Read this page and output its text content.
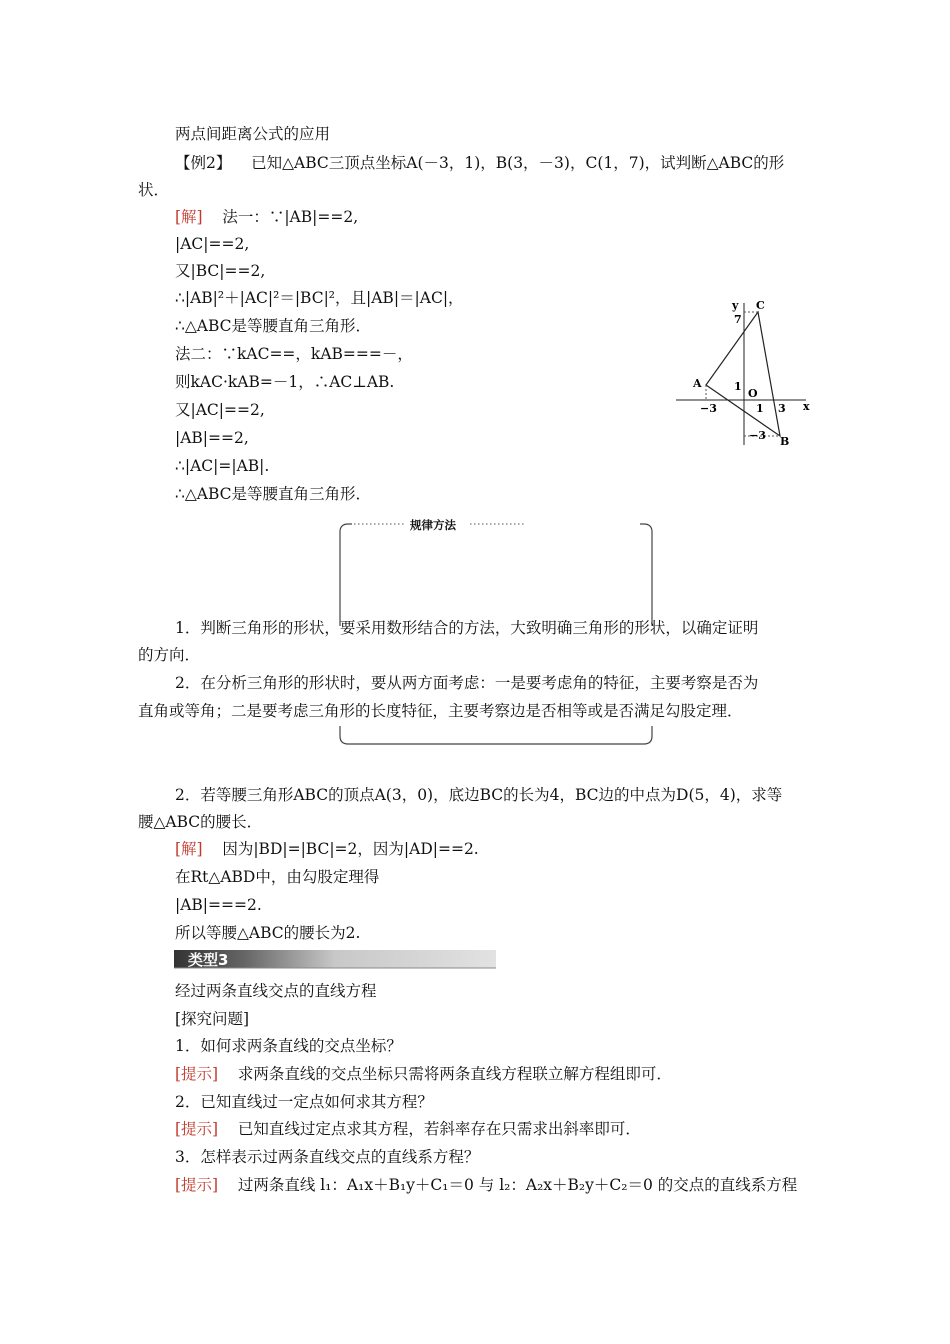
两点间距离公式的应用
【例2】 已知△ABC三顶点坐标A(－3，1)，B(3，－3)，C(1，7)，试判断△ABC的形
状．
[解] 法一：∵|AB|==2,
|AC|==2,
又|BC|==2,
∴|AB|²＋|AC|²＝|BC|²，且|AB|＝|AC|，
∴△ABC是等腰直角三角形．
法二：∵kAC==，kAB===－，
则kAC·kAB=－1，∴AC⊥AB.
又|AC|==2,
|AB|==2,
∴|AC|=|AB|.
∴△ABC是等腰直角三角形．
y
x
C
A
B
O
7
1
−3
−3	1 3
规律方法
1．判断三角形的形状，要采用数形结合的方法，大致明确三角形的形状，以确定证明
的方向．
2．在分析三角形的形状时，要从两方面考虑：一是要考虑角的特征，主要考察是否为
直角或等角；二是要考虑三角形的长度特征，主要考察边是否相等或是否满足勾股定理．
2．若等腰三角形ABC的顶点A(3，0)，底边BC的长为4，BC边的中点为D(5，4)，求等
腰△ABC的腰长．
[解] 因为|BD|=|BC|=2，因为|AD|==2.
在Rt△ABD中，由勾股定理得
|AB|===2.
所以等腰△ABC的腰长为2.
类型3
经过两条直线交点的直线方程
[探究问题]
1．如何求两条直线的交点坐标？
[提示] 求两条直线的交点坐标只需将两条直线方程联立解方程组即可．
2．已知直线过一定点如何求其方程？
[提示] 已知直线过定点求其方程，若斜率存在只需求出斜率即可．
3．怎样表示过两条直线交点的直线系方程？
[提示] 过两条直线 l₁：A₁x＋B₁y＋C₁＝0 与 l₂：A₂x＋B₂y＋C₂＝0 的交点的直线系方程
